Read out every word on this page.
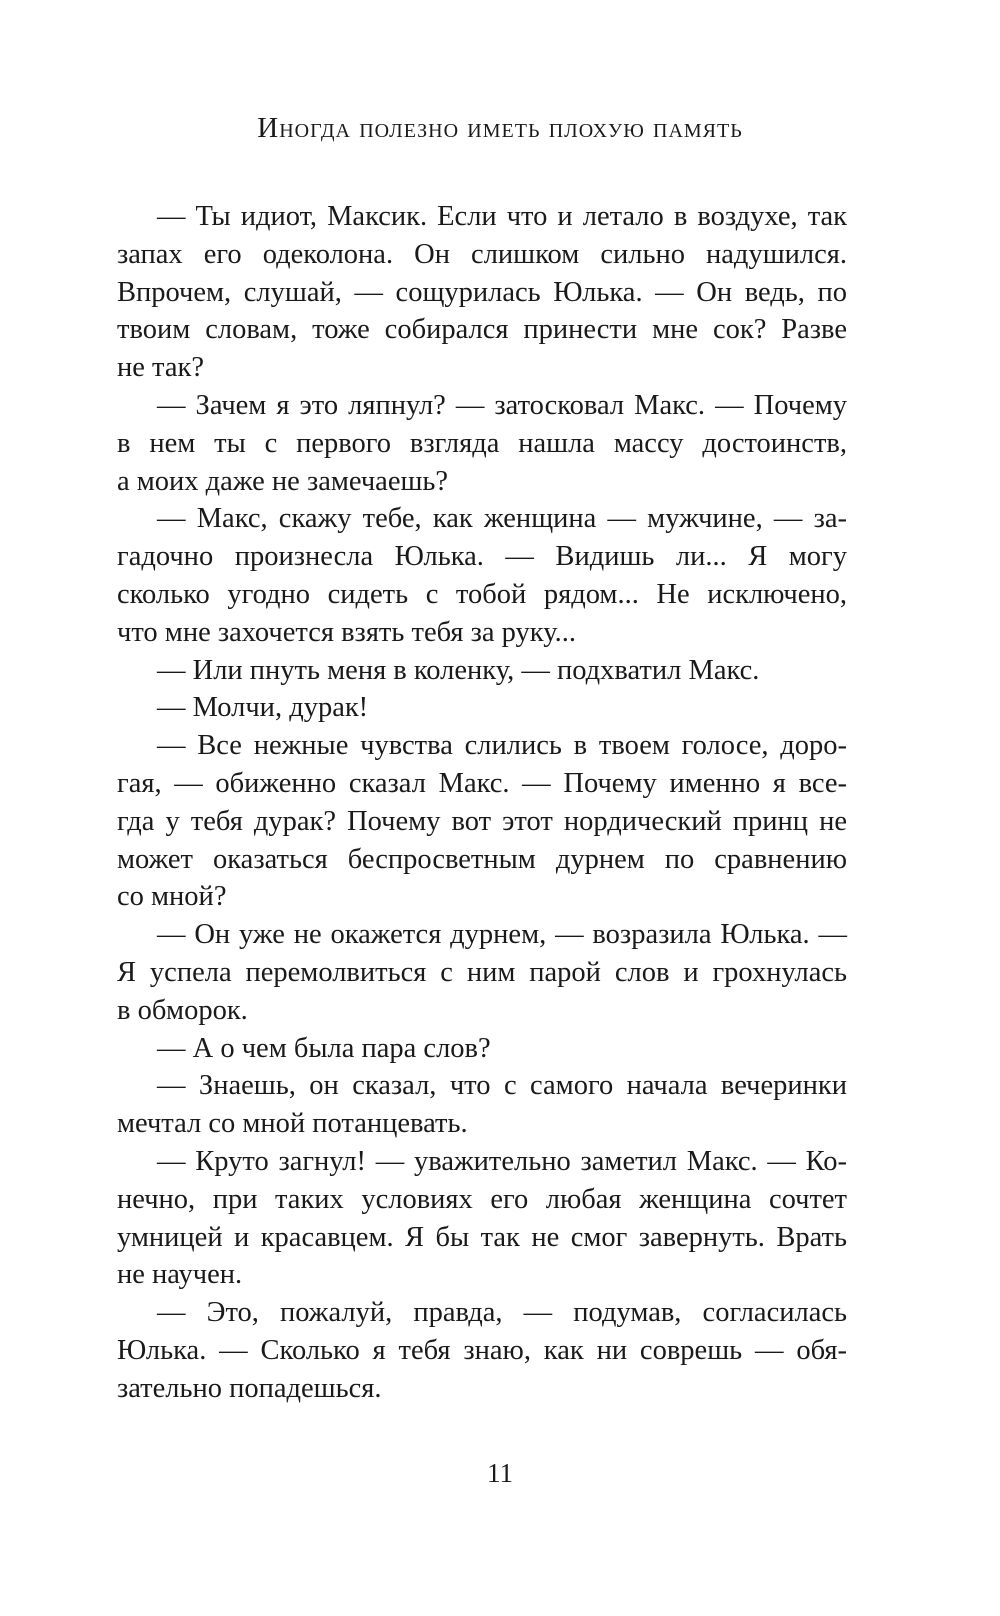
Иногда полезно иметь плохую память
— Ты идиот, Максик. Если что и летало в воздухе, так
запах его одеколона. Он слишком сильно надушился.
Впрочем, слушай, — сощурилась Юлька. — Он ведь, по
твоим словам, тоже собирался принести мне сок? Разве
не так?
— Зачем я это ляпнул? — затосковал Макс. — Почему
в нем ты с первого взгляда нашла массу достоинств,
а моих даже не замечаешь?
— Макс, скажу тебе, как женщина — мужчине, — за-
гадочно произнесла Юлька. — Видишь ли... Я могу
сколько угодно сидеть с тобой рядом... Не исключено,
что мне захочется взять тебя за руку...
— Или пнуть меня в коленку, — подхватил Макс.
— Молчи, дурак!
— Все нежные чувства слились в твоем голосе, доро-
гая, — обиженно сказал Макс. — Почему именно я все-
гда у тебя дурак? Почему вот этот нордический принц не
может оказаться беспросветным дурнем по сравнению
со мной?
— Он уже не окажется дурнем, — возразила Юлька. —
Я успела перемолвиться с ним парой слов и грохнулась
в обморок.
— А о чем была пара слов?
— Знаешь, он сказал, что с самого начала вечеринки
мечтал со мной потанцевать.
— Круто загнул! — уважительно заметил Макс. — Ко-
нечно, при таких условиях его любая женщина сочтет
умницей и красавцем. Я бы так не смог завернуть. Врать
не научен.
— Это, пожалуй, правда, — подумав, согласилась
Юлька. — Сколько я тебя знаю, как ни соврешь — обя-
зательно попадешься.
11
